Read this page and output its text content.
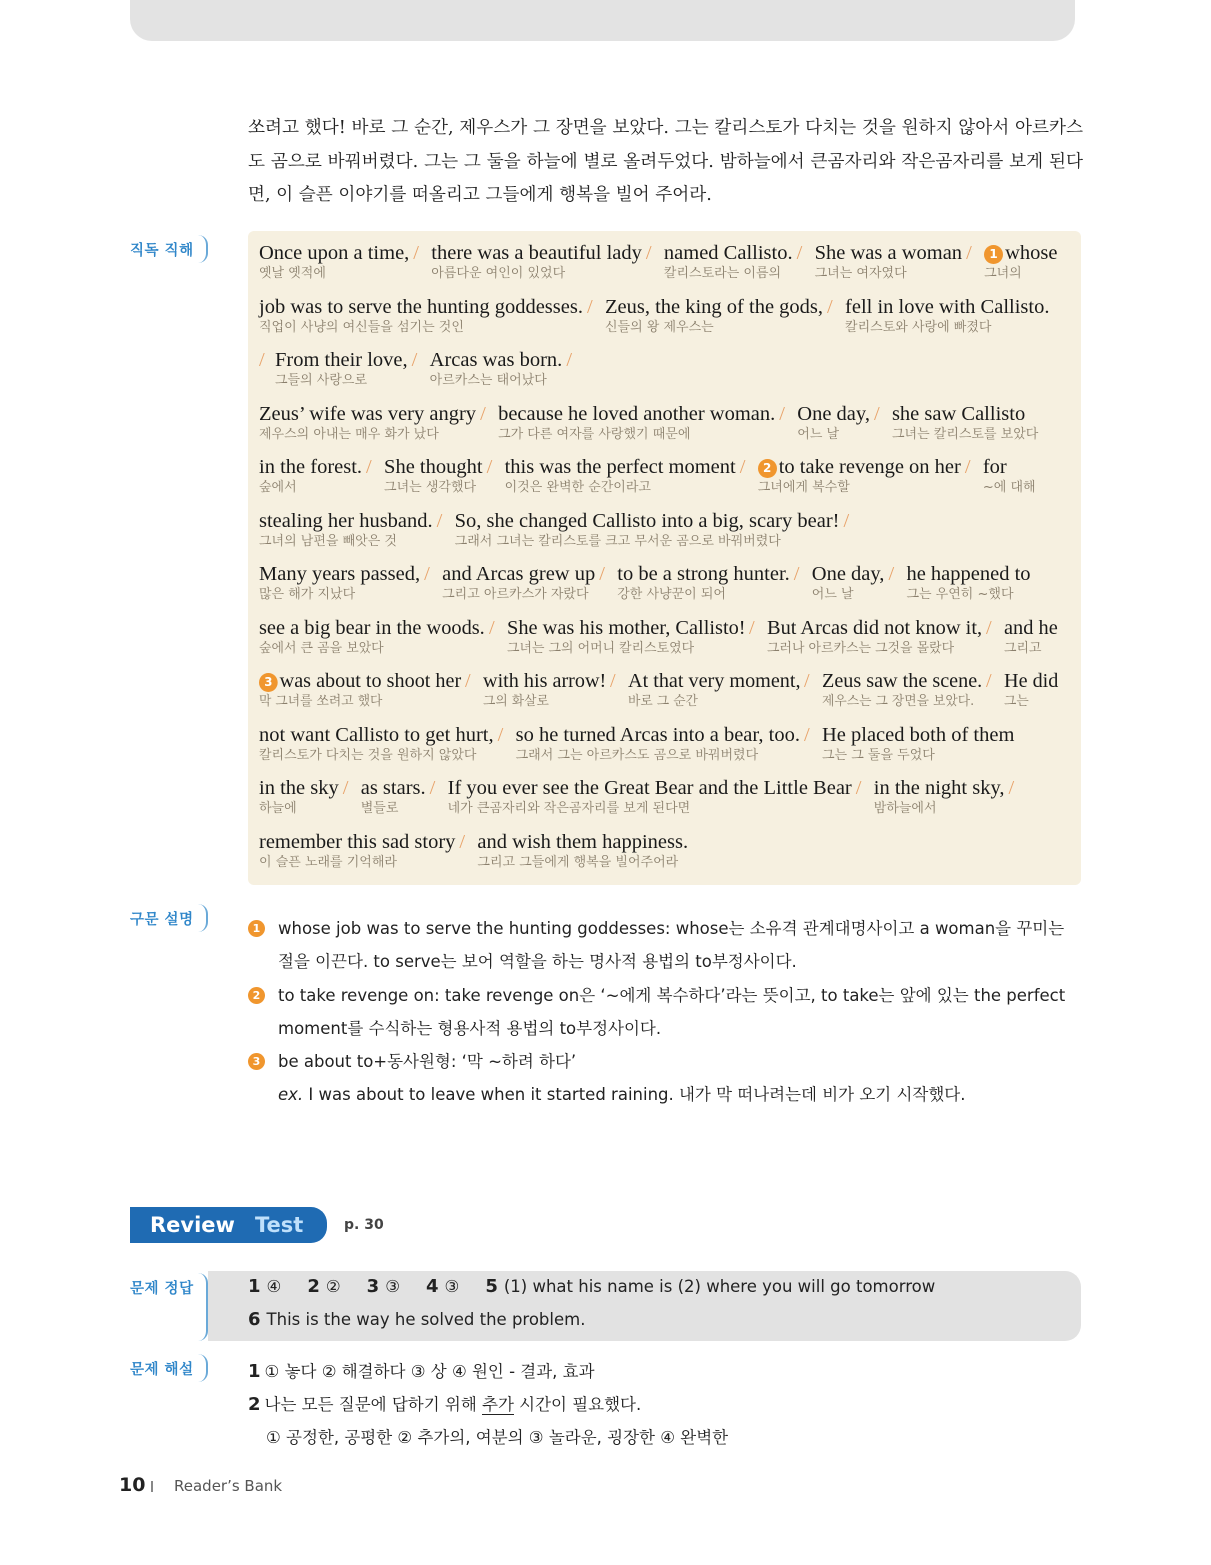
쏘려고 했다! 바로 그 순간, 제우스가 그 장면을 보았다. 그는 칼리스토가 다치는 것을 원하지 않아서 아르카스도 곰으로 바꿔버렸다. 그는 그 둘을 하늘에 별로 올려두었다. 밤하늘에서 큰곰자리와 작은곰자리를 보게 된다면, 이 슬픈 이야기를 떠올리고 그들에게 행복을 빌어 주어라.
직독 직해	Once upon a time,
옛날 옛적에
/ there was a beautiful lady
아름다운 여인이 있었다
/ named Callisto.
칼리스토라는 이름의
/ She was a woman
그녀는 여자였다
/	1 whose
그녀의
job was to serve the hunting goddesses.
직업이 사냥의 여신들을 섬기는 것인
/ Zeus, the king of the gods,
신들의 왕 제우스는
/ fell in love with Callisto.
칼리스토와 사랑에 빠졌다
/ From their love,
그들의 사랑으로
/ Arcas was born.
아르카스는 태어났다
/
Zeus’ wife was very angry
제우스의 아내는 매우 화가 났다
/ because he loved another woman.
그가 다른 여자를 사랑했기 때문에
/ One day,
어느 날
/ she saw Callisto
그녀는 칼리스토를 보았다
in the forest.
숲에서
/ She thought
그녀는 생각했다
/ this was the perfect moment
이것은 완벽한 순간이라고
/	2 to take revenge on her
그녀에게 복수할
/ for
~에 대해
stealing her husband.
그녀의 남편을 빼앗은 것
/ So, she changed Callisto into a big, scary bear!
그래서 그녀는 칼리스토를 크고 무서운 곰으로 바꿔버렸다
/
Many years passed,
많은 해가 지났다
/ and Arcas grew up
그리고 아르카스가 자랐다
/ to be a strong hunter.
강한 사냥꾼이 되어
/ One day,
어느 날
/ he happened to
그는 우연히 ~했다
see a big bear in the woods.
숲에서 큰 곰을 보았다
/ She was his mother, Callisto!
그녀는 그의 어머니 칼리스토였다
/ But Arcas did not know it,
그러나 아르카스는 그것을 몰랐다
/ and he
그리고
3 was about to shoot her
막 그녀를 쏘려고 했다
/ with his arrow!
그의 화살로
/ At that very moment,
바로 그 순간
/ Zeus saw the scene.
제우스는 그 장면을 보았다.
/ He did
그는
not want Callisto to get hurt,
칼리스토가 다치는 것을 원하지 않았다
/ so he turned Arcas into a bear, too.
그래서 그는 아르카스도 곰으로 바꿔버렸다
/ He placed both of them
그는 그 둘을 두었다
in the sky
하늘에
/ as stars.
별들로
/ If you ever see the Great Bear and the Little Bear
네가 큰곰자리와 작은곰자리를 보게 된다면
/ in the night sky,
밤하늘에서
/
remember this sad story
이 슬픈 노래를 기억해라
/ and wish them happiness.
그리고 그들에게 행복을 빌어주어라
구문 설명
1 whose job was to serve the hunting goddesses: whose는 소유격 관계대명사이고 a woman을 꾸미는 절을 이끈다. to serve는 보어 역할을 하는 명사적 용법의 to부정사이다.
2 to take revenge on: take revenge on은 ‘~에게 복수하다’라는 뜻이고, to take는 앞에 있는 the perfect moment를 수식하는 형용사적 용법의 to부정사이다.
3 be about to+동사원형: ‘막 ~하려 하다’
ex. I was about to leave when it started raining. 내가 막 떠나려는데 비가 오기 시작했다.
Review Test	p. 30
문제 정답	1 ④ 2 ② 3 ③ 4 ③ 5 (1) what his name is (2) where you will go tomorrow
6 This is the way he solved the problem.
문제 해설	1 ① 놓다 ② 해결하다 ③ 상 ④ 원인 - 결과, 효과
2 나는 모든 질문에 답하기 위해 추가 시간이 필요했다.
① 공정한, 공평한 ② 추가의, 여분의 ③ 놀라운, 굉장한 ④ 완벽한
10 Reader’s Bank
